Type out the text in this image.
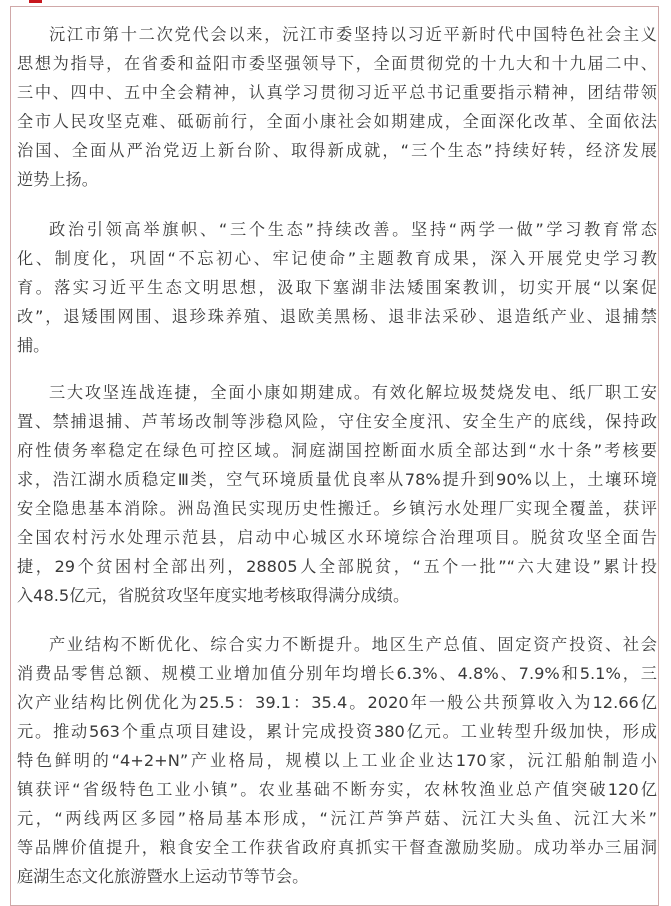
沅江市第十二次党代会以来，沅江市委坚持以习近平新时代中国特色社会主义
思想为指导，在省委和益阳市委坚强领导下，全面贯彻党的十九大和十九届二中、
三中、四中、五中全会精神，认真学习贯彻习近平总书记重要指示精神，团结带领
全市人民攻坚克难、砥砺前行，全面小康社会如期建成，全面深化改革、全面依法
治国、全面从严治党迈上新台阶、取得新成就，“三个生态”持续好转，经济发展
逆势上扬。
政治引领高举旗帜、“三个生态”持续改善。坚持“两学一做”学习教育常态
化、制度化，巩固“不忘初心、牢记使命”主题教育成果，深入开展党史学习教
育。落实习近平生态文明思想，汲取下塞湖非法矮围案教训，切实开展“以案促
改”，退矮围网围、退珍珠养殖、退欧美黑杨、退非法采砂、退造纸产业、退捕禁
捕。
三大攻坚连战连捷，全面小康如期建成。有效化解垃圾焚烧发电、纸厂职工安
置、禁捕退捕、芦苇场改制等涉稳风险，守住安全度汛、安全生产的底线，保持政
府性债务率稳定在绿色可控区域。洞庭湖国控断面水质全部达到“水十条”考核要
求，浩江湖水质稳定Ⅲ类，空气环境质量优良率从78%提升到90%以上，土壤环境
安全隐患基本消除。洲岛渔民实现历史性搬迁。乡镇污水处理厂实现全覆盖，获评
全国农村污水处理示范县，启动中心城区水环境综合治理项目。脱贫攻坚全面告
捷，29个贫困村全部出列，28805人全部脱贫，“五个一批”“六大建设”累计投
入48.5亿元，省脱贫攻坚年度实地考核取得满分成绩。
产业结构不断优化、综合实力不断提升。地区生产总值、固定资产投资、社会
消费品零售总额、规模工业增加值分别年均增长6.3%、4.8%、7.9%和5.1%，三
次产业结构比例优化为25.5：39.1：35.4。2020年一般公共预算收入为12.66亿
元。推动563个重点项目建设，累计完成投资380亿元。工业转型升级加快，形成
特色鲜明的“4+2+N”产业格局，规模以上工业企业达170家，沅江船舶制造小
镇获评“省级特色工业小镇”。农业基础不断夯实，农林牧渔业总产值突破120亿
元，“两线两区多园”格局基本形成，“沅江芦笋芦菇、沅江大头鱼、沅江大米”
等品牌价值提升，粮食安全工作获省政府真抓实干督查激励奖励。成功举办三届洞
庭湖生态文化旅游暨水上运动节等节会。
